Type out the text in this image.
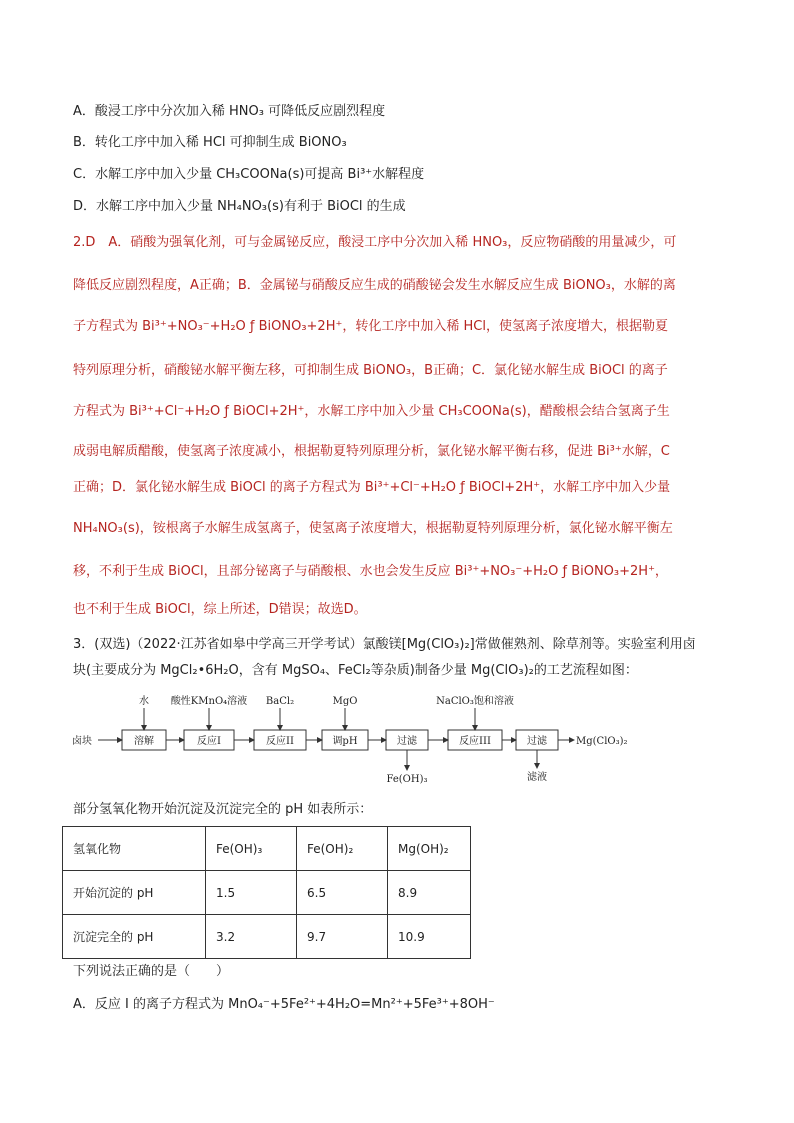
A．酸浸工序中分次加入稀 HNO₃ 可降低反应剧烈程度
B．转化工序中加入稀 HCl 可抑制生成 BiONO₃
C．水解工序中加入少量 CH₃COONa(s)可提高 Bi³⁺水解程度
D．水解工序中加入少量 NH₄NO₃(s)有利于 BiOCl 的生成
2.D　A．硝酸为强氧化剂，可与金属铋反应，酸浸工序中分次加入稀 HNO₃，反应物硝酸的用量减少，可
降低反应剧烈程度，A正确；B．金属铋与硝酸反应生成的硝酸铋会发生水解反应生成 BiONO₃，水解的离
子方程式为 Bi³⁺+NO₃⁻+H₂O ƒ BiONO₃+2H⁺，转化工序中加入稀 HCl，使氢离子浓度增大，根据勒夏
特列原理分析，硝酸铋水解平衡左移，可抑制生成 BiONO₃，B正确；C．氯化铋水解生成 BiOCl 的离子
方程式为 Bi³⁺+Cl⁻+H₂O ƒ BiOCl+2H⁺，水解工序中加入少量 CH₃COONa(s)，醋酸根会结合氢离子生
成弱电解质醋酸，使氢离子浓度减小，根据勒夏特列原理分析，氯化铋水解平衡右移，促进 Bi³⁺水解，C
正确；D．氯化铋水解生成 BiOCl 的离子方程式为 Bi³⁺+Cl⁻+H₂O ƒ BiOCl+2H⁺，水解工序中加入少量
NH₄NO₃(s)，铵根离子水解生成氢离子，使氢离子浓度增大，根据勒夏特列原理分析，氯化铋水解平衡左
移，不利于生成 BiOCl，且部分铋离子与硝酸根、水也会发生反应 Bi³⁺+NO₃⁻+H₂O ƒ BiONO₃+2H⁺，
也不利于生成 BiOCl，综上所述，D错误；故选D。
3．(双选)（2022·江苏省如皋中学高三开学考试）氯酸镁[Mg(ClO₃)₂]常做催熟剂、除草剂等。实验室利用卤
块(主要成分为 MgCl₂•6H₂O，含有 MgSO₄、FeCl₂等杂质)制备少量 Mg(ClO₃)₂的工艺流程如图：
卤块	溶解	反应I	反应II	调pH	过滤	反应III	过滤	Mg(ClO₃)₂
水 酸性KMnO₄溶液 BaCl₂	MgO	NaClO₃饱和溶液
Fe(OH)₃	滤液
部分氢氧化物开始沉淀及沉淀完全的 pH 如表所示：
氢氧化物	Fe(OH)₃	Fe(OH)₂	Mg(OH)₂
开始沉淀的 pH	1.5	6.5	8.9
沉淀完全的 pH	3.2	9.7	10.9
下列说法正确的是（　　）
A．反应 I 的离子方程式为 MnO₄⁻+5Fe²⁺+4H₂O=Mn²⁺+5Fe³⁺+8OH⁻
